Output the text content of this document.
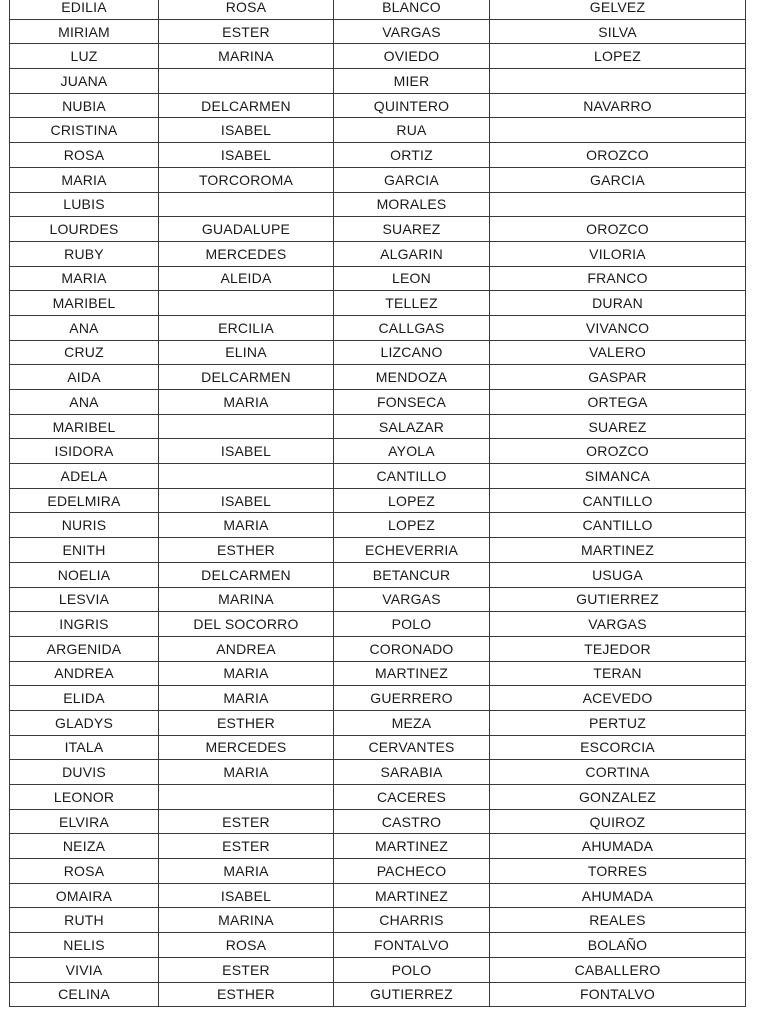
EDILIA	ROSA	BLANCO	GELVEZ
MIRIAM	ESTER	VARGAS	SILVA
LUZ	MARINA	OVIEDO	LOPEZ
JUANA		MIER	
NUBIA	DELCARMEN	QUINTERO	NAVARRO
CRISTINA	ISABEL	RUA	
ROSA	ISABEL	ORTIZ	OROZCO
MARIA	TORCOROMA	GARCIA	GARCIA
LUBIS		MORALES	
LOURDES	GUADALUPE	SUAREZ	OROZCO
RUBY	MERCEDES	ALGARIN	VILORIA
MARIA	ALEIDA	LEON	FRANCO
MARIBEL		TELLEZ	DURAN
ANA	ERCILIA	CALLGAS	VIVANCO
CRUZ	ELINA	LIZCANO	VALERO
AIDA	DELCARMEN	MENDOZA	GASPAR
ANA	MARIA	FONSECA	ORTEGA
MARIBEL		SALAZAR	SUAREZ
ISIDORA	ISABEL	AYOLA	OROZCO
ADELA		CANTILLO	SIMANCA
EDELMIRA	ISABEL	LOPEZ	CANTILLO
NURIS	MARIA	LOPEZ	CANTILLO
ENITH	ESTHER	ECHEVERRIA	MARTINEZ
NOELIA	DELCARMEN	BETANCUR	USUGA
LESVIA	MARINA	VARGAS	GUTIERREZ
INGRIS	DEL SOCORRO	POLO	VARGAS
ARGENIDA	ANDREA	CORONADO	TEJEDOR
ANDREA	MARIA	MARTINEZ	TERAN
ELIDA	MARIA	GUERRERO	ACEVEDO
GLADYS	ESTHER	MEZA	PERTUZ
ITALA	MERCEDES	CERVANTES	ESCORCIA
DUVIS	MARIA	SARABIA	CORTINA
LEONOR		CACERES	GONZALEZ
ELVIRA	ESTER	CASTRO	QUIROZ
NEIZA	ESTER	MARTINEZ	AHUMADA
ROSA	MARIA	PACHECO	TORRES
OMAIRA	ISABEL	MARTINEZ	AHUMADA
RUTH	MARINA	CHARRIS	REALES
NELIS	ROSA	FONTALVO	BOLAÑO
VIVIA	ESTER	POLO	CABALLERO
CELINA	ESTHER	GUTIERREZ	FONTALVO
